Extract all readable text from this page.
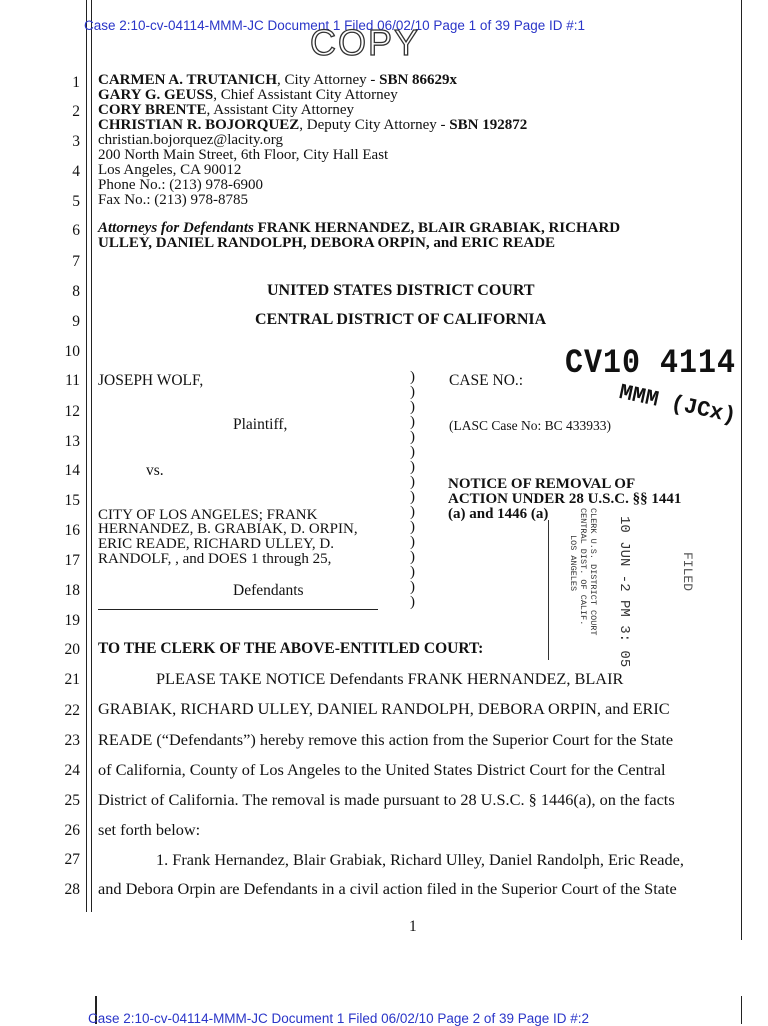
Case 2:10-cv-04114-MMM-JC Document 1 Filed 06/02/10 Page 1 of 39 Page ID #:1
COPY
1
2
3
4
5
6
7
8
9
10
11
12
13
14
15
16
17
18
19
20
21
22
23
24
25
26
27
28
CARMEN A. TRUTANICH, City Attorney - SBN 86629x
GARY G. GEUSS, Chief Assistant City Attorney
CORY BRENTE, Assistant City Attorney
CHRISTIAN R. BOJORQUEZ, Deputy City Attorney - SBN 192872
christian.bojorquez@lacity.org
200 North Main Street, 6th Floor, City Hall East
Los Angeles, CA 90012
Phone No.: (213) 978-6900
Fax No.: (213) 978-8785
Attorneys for Defendants FRANK HERNANDEZ, BLAIR GRABIAK, RICHARD
ULLEY, DANIEL RANDOLPH, DEBORA ORPIN, and ERIC READE
UNITED STATES DISTRICT COURT
CENTRAL DISTRICT OF CALIFORNIA
JOSEPH WOLF,
Plaintiff,
vs.
CITY OF LOS ANGELES; FRANK
HERNANDEZ, B. GRABIAK, D. ORPIN,
ERIC READE, RICHARD ULLEY, D.
RANDOLF, , and DOES 1 through 25,
Defendants
)
)
)
)
)
)
)
)
)
)
)
)
)
)
)
)
CASE NO.: CV10 4114
MMM (JCx)
(LASC Case No: BC 433933)
NOTICE OF REMOVAL OF
ACTION UNDER 28 U.S.C. §§ 1441
(a) and 1446 (a)	CLERK U.S. DISTRICT COURT
CENTRAL DIST. OF CALIF.
LOS ANGELES	10 JUN -2 PM 3: 05	FILED
TO THE CLERK OF THE ABOVE-ENTITLED COURT:
PLEASE TAKE NOTICE Defendants FRANK HERNANDEZ, BLAIR
GRABIAK, RICHARD ULLEY, DANIEL RANDOLPH, DEBORA ORPIN, and ERIC
READE (“Defendants”) hereby remove this action from the Superior Court for the State
of California, County of Los Angeles to the United States District Court for the Central
District of California. The removal is made pursuant to 28 U.S.C. § 1446(a), on the facts
set forth below:
1. Frank Hernandez, Blair Grabiak, Richard Ulley, Daniel Randolph, Eric Reade,
and Debora Orpin are Defendants in a civil action filed in the Superior Court of the State
1
Case 2:10-cv-04114-MMM-JC Document 1 Filed 06/02/10 Page 2 of 39 Page ID #:2
